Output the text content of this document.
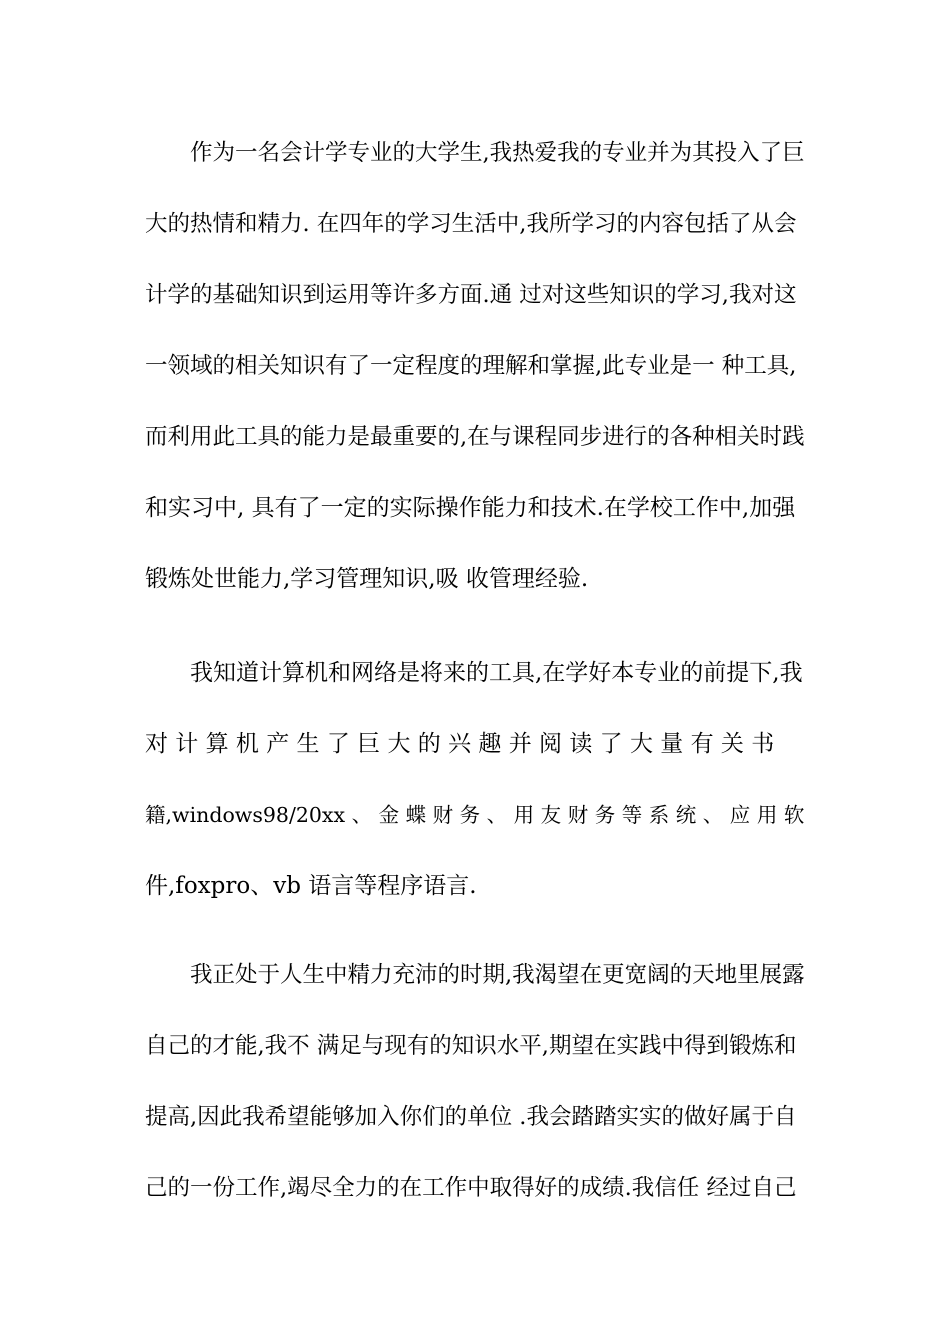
作为一名会计学专业的大学生,我热爱我的专业并为其投入了巨
大的热情和精力. 在四年的学习生活中,我所学习的内容包括了从会
计学的基础知识到运用等许多方面.通 过对这些知识的学习,我对这
一领域的相关知识有了一定程度的理解和掌握,此专业是一 种工具,
而利用此工具的能力是最重要的,在与课程同步进行的各种相关时践
和实习中, 具有了一定的实际操作能力和技术.在学校工作中,加强
锻炼处世能力,学习管理知识,吸 收管理经验.
我知道计算机和网络是将来的工具,在学好本专业的前提下,我
对 计 算 机 产 生 了 巨 大 的 兴 趣 并 阅 读 了 大 量 有 关 书
籍,windows98/20xx 、 金 蝶 财 务 、 用 友 财 务 等 系 统 、 应 用 软
件,foxpro、vb 语言等程序语言.
我正处于人生中精力充沛的时期,我渴望在更宽阔的天地里展露
自己的才能,我不 满足与现有的知识水平,期望在实践中得到锻炼和
提高,因此我希望能够加入你们的单位 .我会踏踏实实的做好属于自
己的一份工作,竭尽全力的在工作中取得好的成绩.我信任 经过自己
